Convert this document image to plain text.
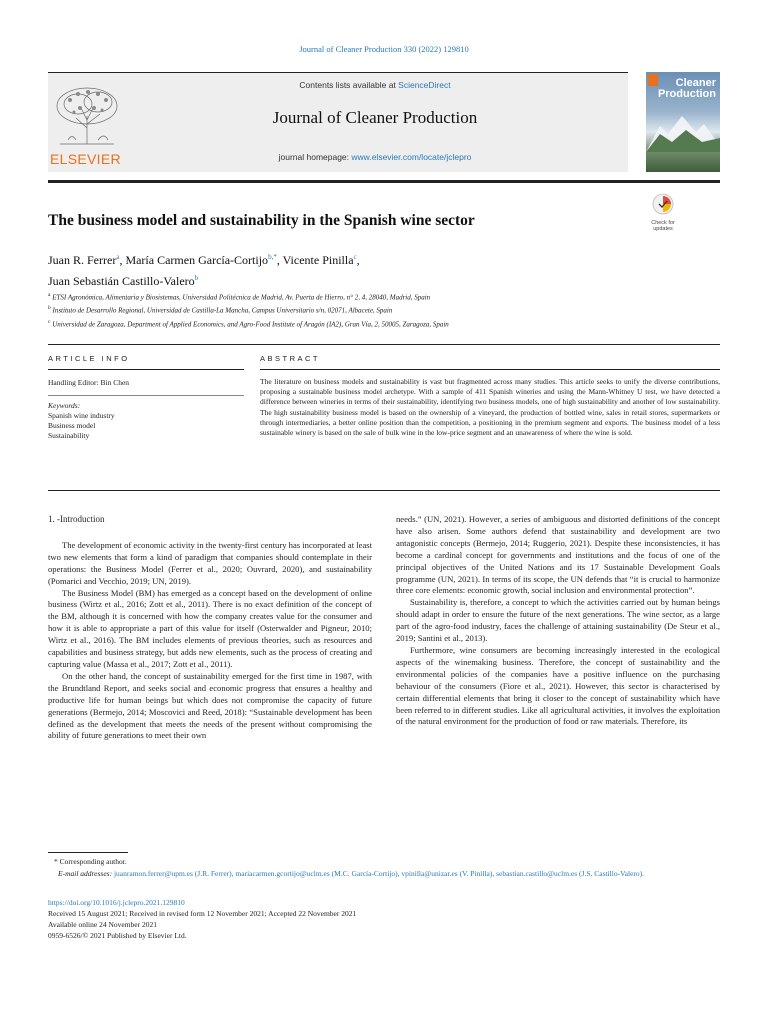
Journal of Cleaner Production 330 (2022) 129810
ELSEVIER
Contents lists available at ScienceDirect
Journal of Cleaner Production
journal homepage: www.elsevier.com/locate/jclepro
Cleaner
Production
The business model and sustainability in the Spanish wine sector	Check for
updates
Juan R. Ferrer$^a$, María Carmen García-Cortijo$^{b,*}$, Vicente Pinilla$^c$,
Juan Sebastián Castillo-Valero$^b$
$^a$ ETSI Agronómica, Alimentaria y Biosistemas, Universidad Politécnica de Madrid, Av. Puerta de Hierro, n° 2, 4, 28040, Madrid, Spain
$^b$ Instituto de Desarrollo Regional, Universidad de Castilla-La Mancha, Campus Universitario s/n, 02071, Albacete, Spain
$^c$ Universidad de Zaragoza, Department of Applied Economics, and Agro-Food Institute of Aragón (IA2), Gran Vía, 2, 50005, Zaragoza, Spain
ARTICLE INFO
Handling Editor: Bin Chen
Keywords:
Spanish wine industry
Business model
Sustainability
ABSTRACT
The literature on business models and sustainability is vast but fragmented across many studies. This article seeks to unify the diverse contributions, proposing a sustainable business model archetype. With a sample of 411 Spanish wineries and using the Mann-Whitney U test, we have detected a difference between wineries in terms of their sustainability, identifying two business models, one of high sustainability and another of low sustainability. The high sustainability business model is based on the ownership of a vineyard, the production of bottled wine, sales in retail stores, supermarkets or through intermediaries, a better online position than the competition, a positioning in the premium segment and exports. The business model of a less sustainable winery is based on the sale of bulk wine in the low-price segment and an unawareness of where the wine is sold.

1. -Introduction

The development of economic activity in the twenty-first century has incorporated at least two new elements that form a kind of paradigm that companies should contemplate in their operations: the Business Model (Ferrer et al., 2020; Ouvrard, 2020), and sustainability (Pomarici and Vecchio, 2019; UN, 2019).

The Business Model (BM) has emerged as a concept based on the development of online business (Wirtz et al., 2016; Zott et al., 2011). There is no exact definition of the concept of the BM, although it is concerned with how the company creates value for the consumer and how it is able to appropriate a part of this value for itself (Osterwalder and Pigneur, 2010; Wirtz et al., 2016). The BM includes elements of previous theories, such as resources and capabilities and business strategy, but adds new elements, such as the process of creating and capturing value (Massa et al., 2017; Zott et al., 2011).

On the other hand, the concept of sustainability emerged for the first time in 1987, with the Brundtland Report, and seeks social and economic progress that ensures a healthy and productive life for human beings but which does not compromise the capacity of future generations (Bermejo, 2014; Moscovici and Reed, 2018): “Sustainable development has been defined as the development that meets the needs of the present without compromising the ability of future generations to meet their own

needs.” (UN, 2021). However, a series of ambiguous and distorted definitions of the concept have also arisen. Some authors defend that sustainability and development are two antagonistic concepts (Bermejo, 2014; Ruggerio, 2021). Despite these inconsistencies, it has become a cardinal concept for governments and institutions and the focus of one of the principal objectives of the United Nations and its 17 Sustainable Development Goals programme (UN, 2021). In terms of its scope, the UN defends that “it is crucial to harmonize three core elements: economic growth, social inclusion and environmental protection”.

Sustainability is, therefore, a concept to which the activities carried out by human beings should adapt in order to ensure the future of the next generations. The wine sector, as a large part of the agro-food industry, faces the challenge of attaining sustainability (De Steur et al., 2019; Santini et al., 2013).

Furthermore, wine consumers are becoming increasingly interested in the ecological aspects of the winemaking business. Therefore, the concept of sustainability and the environmental policies of the companies have a positive influence on the purchasing behaviour of the consumers (Fiore et al., 2021). However, this sector is characterised by certain differential elements that bring it closer to the concept of sustainability which have been referred to in different studies. Like all agricultural activities, it involves the exploitation of the natural environment for the production of food or raw materials. Therefore, its

* Corresponding author.
E-mail addresses: juanramon.ferrer@upm.es (J.R. Ferrer), mariacarmen.gcortijo@uclm.es (M.C. García-Cortijo), vpinilla@unizar.es (V. Pinilla), sebastian.castillo@uclm.es (J.S. Castillo-Valero).
https://doi.org/10.1016/j.jclepro.2021.129810
Received 15 August 2021; Received in revised form 12 November 2021; Accepted 22 November 2021
Available online 24 November 2021
0959-6526/© 2021 Published by Elsevier Ltd.
